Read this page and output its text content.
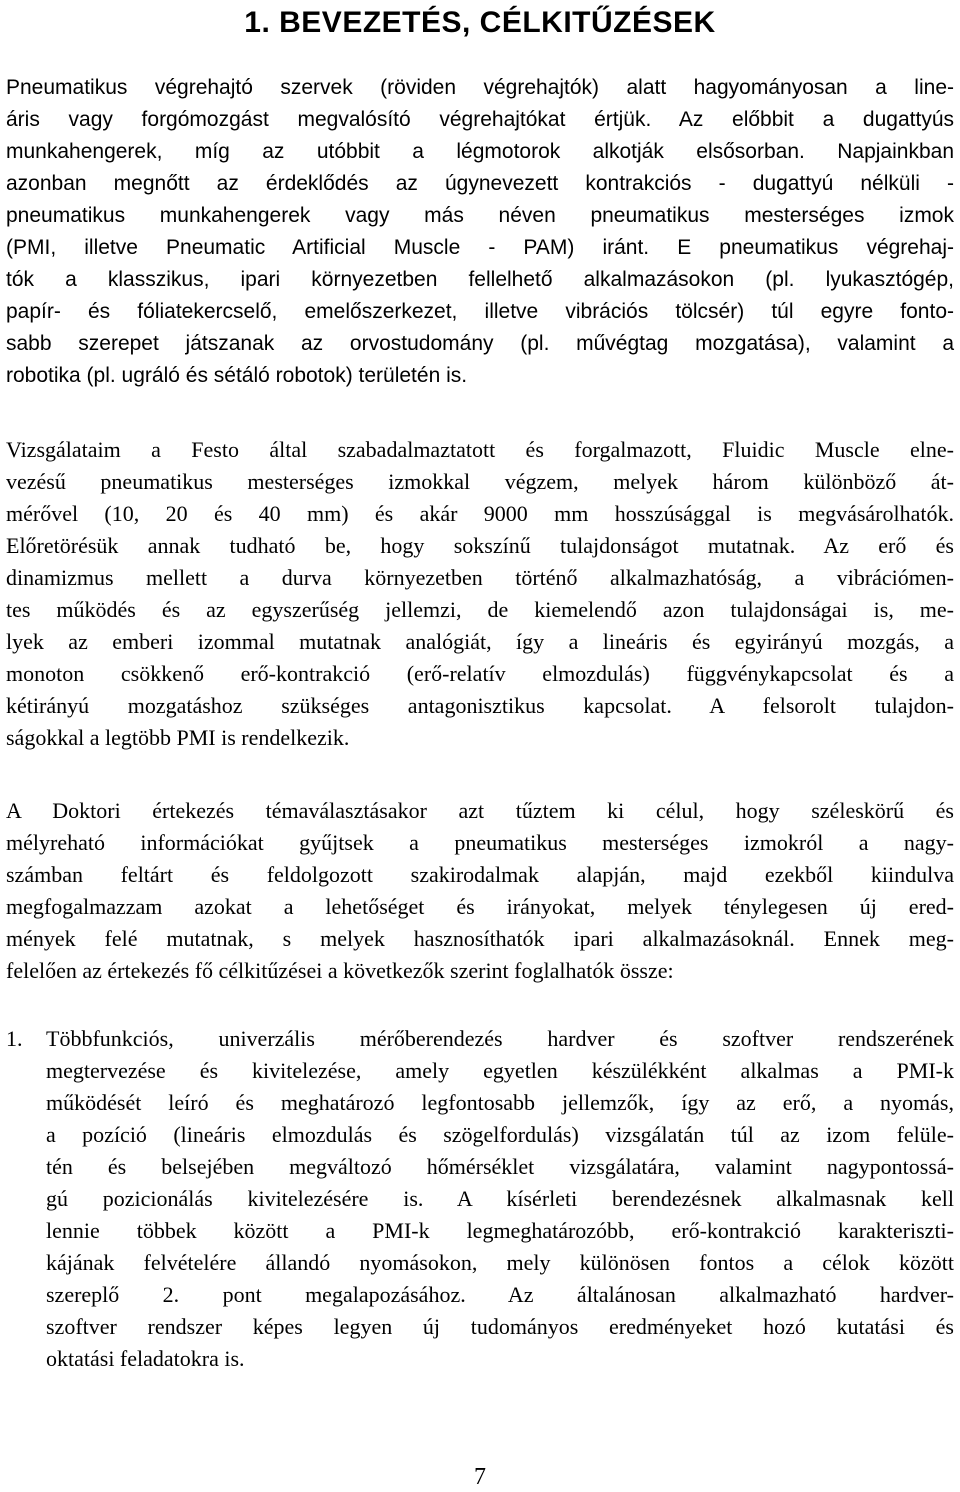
1. BEVEZETÉS, CÉLKITŰZÉSEK
Pneumatikus végrehajtó szervek (röviden végrehajtók) alatt hagyományosan a line-
áris vagy forgómozgást megvalósító végrehajtókat értjük. Az előbbit a dugattyús
munkahengerek, míg az utóbbit a légmotorok alkotják elsősorban. Napjainkban
azonban megnőtt az érdeklődés az úgynevezett kontrakciós - dugattyú nélküli -
pneumatikus munkahengerek vagy más néven pneumatikus mesterséges izmok
(PMI, illetve Pneumatic Artificial Muscle - PAM) iránt. E pneumatikus végrehaj-
tók a klasszikus, ipari környezetben fellelhető alkalmazásokon (pl. lyukasztógép,
papír- és fóliatekercselő, emelőszerkezet, illetve vibrációs tölcsér) túl egyre fonto-
sabb szerepet játszanak az orvostudomány (pl. művégtag mozgatása), valamint a
robotika (pl. ugráló és sétáló robotok) területén is.
Vizsgálataim a Festo által szabadalmaztatott és forgalmazott, Fluidic Muscle elne-
vezésű pneumatikus mesterséges izmokkal végzem, melyek három különböző át-
mérővel (10, 20 és 40 mm) és akár 9000 mm hosszúsággal is megvásárolhatók.
Előretörésük annak tudható be, hogy sokszínű tulajdonságot mutatnak. Az erő és
dinamizmus mellett a durva környezetben történő alkalmazhatóság, a vibrációmen-
tes működés és az egyszerűség jellemzi, de kiemelendő azon tulajdonságai is, me-
lyek az emberi izommal mutatnak analógiát, így a lineáris és egyirányú mozgás, a
monoton csökkenő erő-kontrakció (erő-relatív elmozdulás) függvénykapcsolat és a
kétirányú mozgatáshoz szükséges antagonisztikus kapcsolat. A felsorolt tulajdon-
ságokkal a legtöbb PMI is rendelkezik.
A Doktori értekezés témaválasztásakor azt tűztem ki célul, hogy széleskörű és
mélyreható információkat gyűjtsek a pneumatikus mesterséges izmokról a nagy-
számban feltárt és feldolgozott szakirodalmak alapján, majd ezekből kiindulva
megfogalmazzam azokat a lehetőséget és irányokat, melyek ténylegesen új ered-
mények felé mutatnak, s melyek hasznosíthatók ipari alkalmazásoknál. Ennek meg-
felelően az értekezés fő célkitűzései a következők szerint foglalhatók össze:
1. Többfunkciós, univerzális mérőberendezés hardver és szoftver rendszerének
megtervezése és kivitelezése, amely egyetlen készülékként alkalmas a PMI-k
működését leíró és meghatározó legfontosabb jellemzők, így az erő, a nyomás,
a pozíció (lineáris elmozdulás és szögelfordulás) vizsgálatán túl az izom felüle-
tén és belsejében megváltozó hőmérséklet vizsgálatára, valamint nagypontossá-
gú pozicionálás kivitelezésére is. A kísérleti berendezésnek alkalmasnak kell
lennie többek között a PMI-k legmeghatározóbb, erő-kontrakció karakteriszti-
kájának felvételére állandó nyomásokon, mely különösen fontos a célok között
szereplő 2. pont megalapozásához. Az általánosan alkalmazható hardver-
szoftver rendszer képes legyen új tudományos eredményeket hozó kutatási és
oktatási feladatokra is.
7
